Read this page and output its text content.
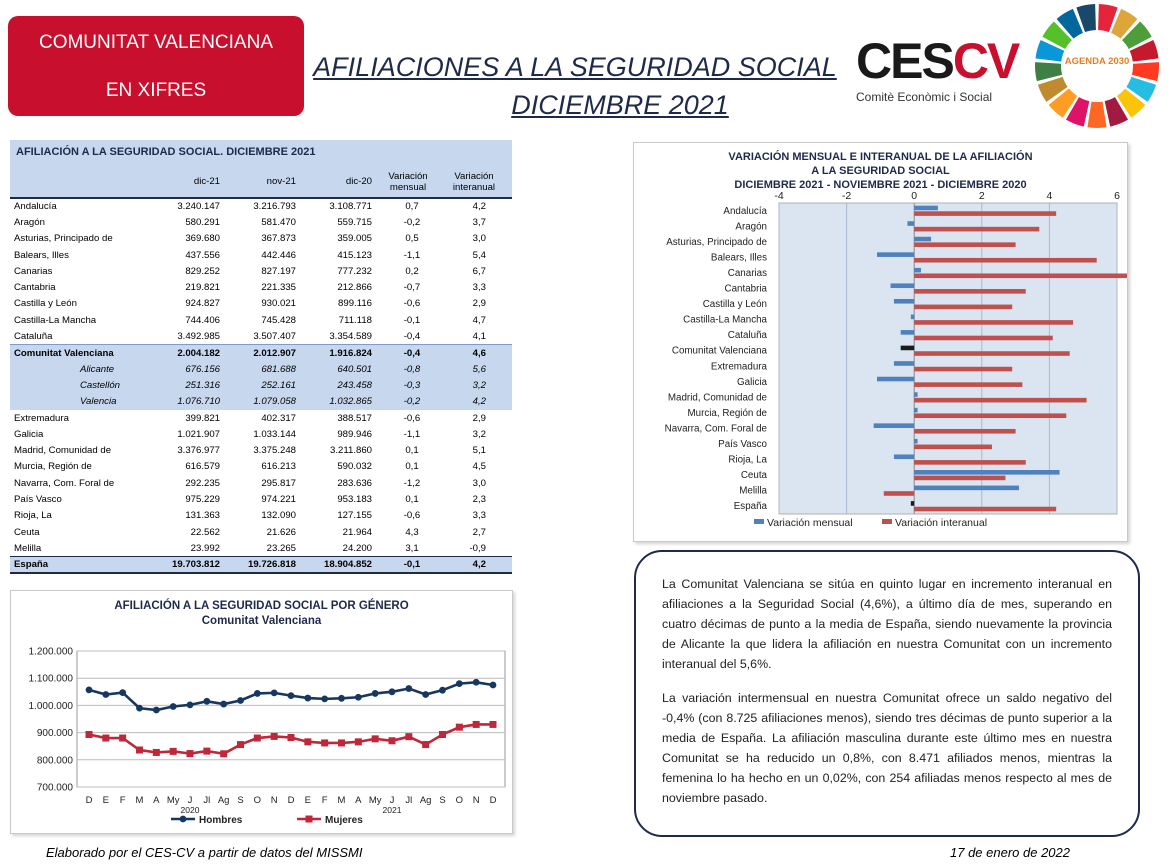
COMUNITAT VALENCIANA
EN XIFRES
AFILIACIONES A LA SEGURIDAD SOCIAL
DICIEMBRE 2021
CESCV
Comitè Econòmic i Social
AGENDA 2030
AFILIACIÓN A LA SEGURIDAD SOCIAL. DICIEMBRE 2021
	dic-21	nov-21	dic-20	Variación mensual	Variación interanual
Andalucía	3.240.147	3.216.793	3.108.771	0,7	4,2
Aragón	580.291	581.470	559.715	-0,2	3,7
Asturias, Principado de	369.680	367.873	359.005	0,5	3,0
Balears, Illes	437.556	442.446	415.123	-1,1	5,4
Canarias	829.252	827.197	777.232	0,2	6,7
Cantabria	219.821	221.335	212.866	-0,7	3,3
Castilla y León	924.827	930.021	899.116	-0,6	2,9
Castilla-La Mancha	744.406	745.428	711.118	-0,1	4,7
Cataluña	3.492.985	3.507.407	3.354.589	-0,4	4,1
Comunitat Valenciana	2.004.182	2.012.907	1.916.824	-0,4	4,6
Alicante	676.156	681.688	640.501	-0,8	5,6
Castellón	251.316	252.161	243.458	-0,3	3,2
Valencia	1.076.710	1.079.058	1.032.865	-0,2	4,2
Extremadura	399.821	402.317	388.517	-0,6	2,9
Galicia	1.021.907	1.033.144	989.946	-1,1	3,2
Madrid, Comunidad de	3.376.977	3.375.248	3.211.860	0,1	5,1
Murcia, Región de	616.579	616.213	590.032	0,1	4,5
Navarra, Com. Foral de	292.235	295.817	283.636	-1,2	3,0
País Vasco	975.229	974.221	953.183	0,1	2,3
Rioja, La	131.363	132.090	127.155	-0,6	3,3
Ceuta	22.562	21.626	21.964	4,3	2,7
Melilla	23.992	23.265	24.200	3,1	-0,9
España	19.703.812	19.726.818	18.904.852	-0,1	4,2
VARIACIÓN MENSUAL E INTERANUAL DE LA AFILIACIÓN
A LA SEGURIDAD SOCIAL
DICIEMBRE 2021 - NOVIEMBRE 2021 - DICIEMBRE 2020
-4	-2	0	2	4	6
Andalucía
Aragón
Asturias, Principado de
Balears, Illes
Canarias
Cantabria
Castilla y León
Castilla-La Mancha
Cataluña
Comunitat Valenciana
Extremadura
Galicia
Madrid, Comunidad de
Murcia, Región de
Navarra, Com. Foral de
País Vasco
Rioja, La
Ceuta
Melilla
España
Variación mensual	Variación interanual
AFILIACIÓN A LA SEGURIDAD SOCIAL POR GÉNERO
Comunitat Valenciana
700.000
800.000
900.000
1.000.000
1.100.000
1.200.000
D E F M A My J Jl Ag S O N D E F M A My J Jl Ag S O N D
2020	2021
Hombres	Mujeres

La Comunitat Valenciana se sitúa en quinto lugar en incremento interanual en afiliaciones a la Seguridad Social (4,6%), a último día de mes, superando en cuatro décimas de punto a la media de España, siendo nuevamente la provincia de Alicante la que lidera la afiliación en nuestra Comunitat con un incremento interanual del 5,6%.

La variación intermensual en nuestra Comunitat ofrece un saldo negativo del -0,4% (con 8.725 afiliaciones menos), siendo tres décimas de punto superior a la media de España. La afiliación masculina durante este último mes en nuestra Comunitat se ha reducido un 0,8%, con 8.471 afiliados menos, mientras la femenina lo ha hecho en un 0,02%, con 254 afiliadas menos respecto al mes de noviembre pasado.

Elaborado por el CES-CV a partir de datos del MISSMI	17 de enero de 2022
